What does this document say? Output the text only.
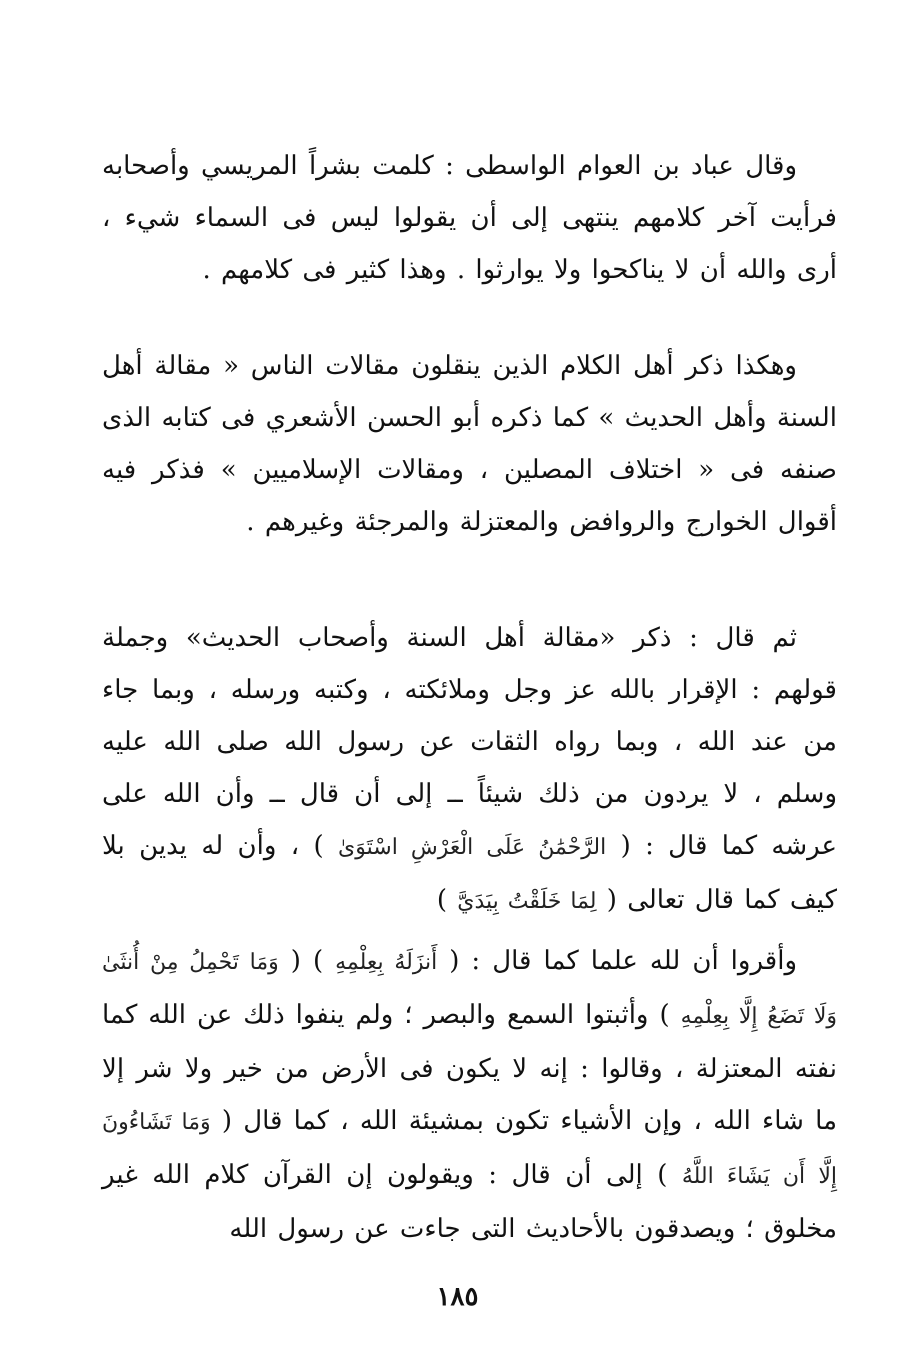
وقال عباد بن العوام الواسطى : كلمت بشراً المريسي وأصحابه فرأيت آخر كلامهم ينتهى إلى أن يقولوا ليس فى السماء شيء ، أرى والله أن لا يناكحوا ولا يوارثوا . وهذا كثير فى كلامهم .

وهكذا ذكر أهل الكلام الذين ينقلون مقالات الناس « مقالة أهل السنة وأهل الحديث » كما ذكره أبو الحسن الأشعري فى كتابه الذى صنفه فى « اختلاف المصلين ، ومقالات الإسلاميين » فذكر فيه أقوال الخوارج والروافض والمعتزلة والمرجئة وغيرهم .

ثم قال : ذكر «مقالة أهل السنة وأصحاب الحديث» وجملة قولهم : الإقرار بالله عز وجل وملائكته ، وكتبه ورسله ، وبما جاء من عند الله ، وبما رواه الثقات عن رسول الله صلى الله عليه وسلم ، لا يردون من ذلك شيئاً ــ إلى أن قال ــ وأن الله على عرشه كما قال : ( الرَّحْمَٰنُ عَلَى الْعَرْشِ اسْتَوَىٰ ) ، وأن له يدين بلا كيف كما قال تعالى ( لِمَا خَلَقْتُ بِيَدَيَّ )

وأقروا أن لله علما كما قال : ( أَنزَلَهُ بِعِلْمِهِ ) ( وَمَا تَحْمِلُ مِنْ أُنثَىٰ وَلَا تَضَعُ إِلَّا بِعِلْمِهِ ) وأثبتوا السمع والبصر ؛ ولم ينفوا ذلك عن الله كما نفته المعتزلة ، وقالوا : إنه لا يكون فى الأرض من خير ولا شر إلا ما شاء الله ، وإن الأشياء تكون بمشيئة الله ، كما قال ( وَمَا تَشَاءُونَ إِلَّا أَن يَشَاءَ اللَّهُ ) إلى أن قال : ويقولون إن القرآن كلام الله غير مخلوق ؛ ويصدقون بالأحاديث التى جاءت عن رسول الله

١٨٥
